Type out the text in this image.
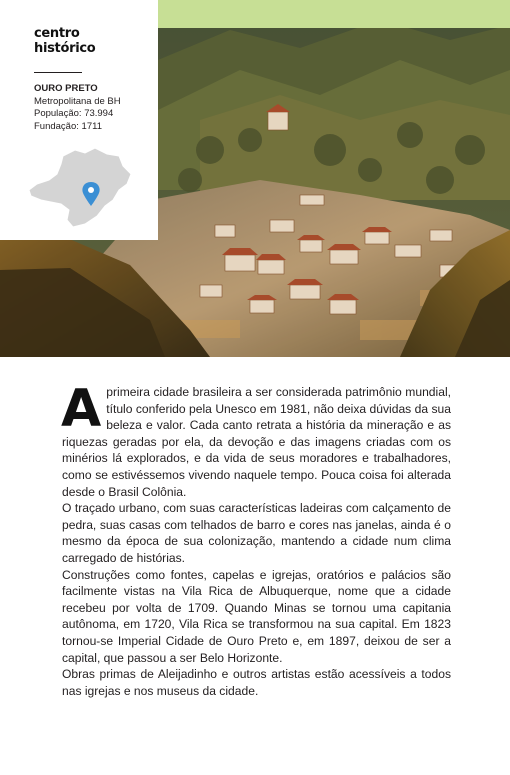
centro
histórico
OURO PRETO
Metropolitana de BH
População: 73.994
Fundação: 1711

Aprimeira cidade brasileira a ser considerada patrimônio mundial, título conferido pela Unesco em 1981, não deixa dúvidas da sua beleza e valor. Cada canto retrata a história da mineração e as riquezas geradas por ela, da devoção e das imagens criadas com os minérios lá explorados, e da vida de seus moradores e trabalhadores, como se estivéssemos vivendo naquele tempo. Pouca coisa foi alterada desde o Brasil Colônia.

O traçado urbano, com suas características ladeiras com calçamento de pedra, suas casas com telhados de barro e cores nas janelas, ainda é o mesmo da época de sua colonização, mantendo a cidade num clima carregado de histórias.

Construções como fontes, capelas e igrejas, oratórios e palácios são facilmente vistas na Vila Rica de Albuquerque, nome que a cidade recebeu por volta de 1709. Quando Minas se tornou uma capitania autônoma, em 1720, Vila Rica se transformou na sua capital. Em 1823 tornou-se Imperial Cidade de Ouro Preto e, em 1897, deixou de ser a capital, que passou a ser Belo Horizonte.

Obras primas de Aleijadinho e outros artistas estão acessíveis a todos nas igrejas e nos museus da cidade.
